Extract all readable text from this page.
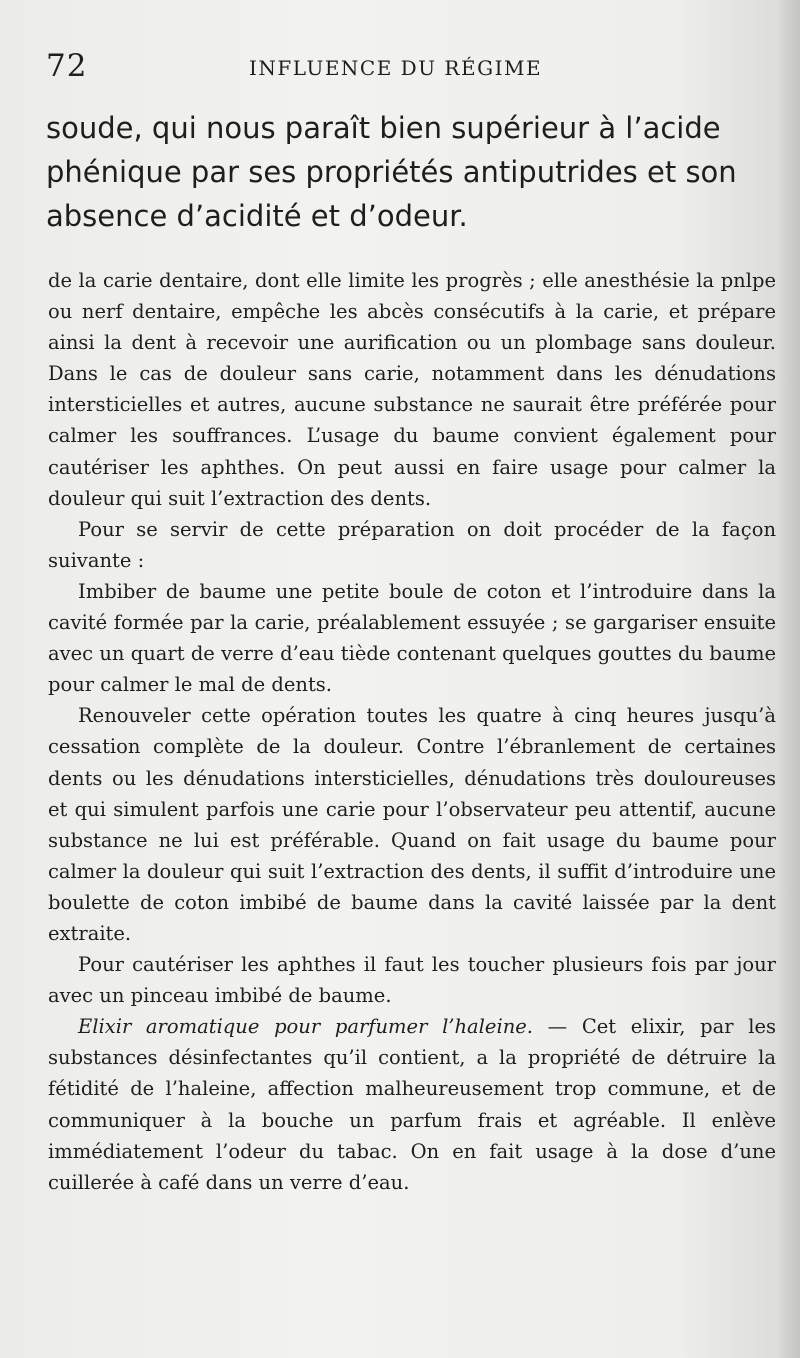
72	INFLUENCE DU RÉGIME
soude, qui nous paraît bien supérieur à l’acide phénique par ses propriétés antiputrides et son absence d’acidité et d’odeur.

de la carie dentaire, dont elle limite les progrès ; elle anesthésie la pnlpe ou nerf dentaire, empêche les abcès consécutifs à la carie, et prépare ainsi la dent à recevoir une aurification ou un plombage sans douleur. Dans le cas de douleur sans carie, notamment dans les dénudations intersticielles et autres, aucune substance ne saurait être préférée pour calmer les souffrances. L’usage du baume convient également pour cautériser les aphthes. On peut aussi en faire usage pour calmer la douleur qui suit l’extraction des dents.

Pour se servir de cette préparation on doit procéder de la façon suivante :

Imbiber de baume une petite boule de coton et l’introduire dans la cavité formée par la carie, préalablement essuyée ; se gargariser ensuite avec un quart de verre d’eau tiède contenant quelques gouttes du baume pour calmer le mal de dents.

Renouveler cette opération toutes les quatre à cinq heures jusqu’à cessation complète de la douleur. Contre l’ébranlement de certaines dents ou les dénudations intersticielles, dénudations très douloureuses et qui simulent parfois une carie pour l’observateur peu attentif, aucune substance ne lui est préférable. Quand on fait usage du baume pour calmer la douleur qui suit l’extraction des dents, il suffit d’introduire une boulette de coton imbibé de baume dans la cavité laissée par la dent extraite.

Pour cautériser les aphthes il faut les toucher plusieurs fois par jour avec un pinceau imbibé de baume.

Elixir aromatique pour parfumer l’haleine. — Cet elixir, par les substances désinfectantes qu’il contient, a la propriété de détruire la fétidité de l’haleine, affection malheureusement trop commune, et de communiquer à la bouche un parfum frais et agréable. Il enlève immédiatement l’odeur du tabac. On en fait usage à la dose d’une cuillerée à café dans un verre d’eau.
